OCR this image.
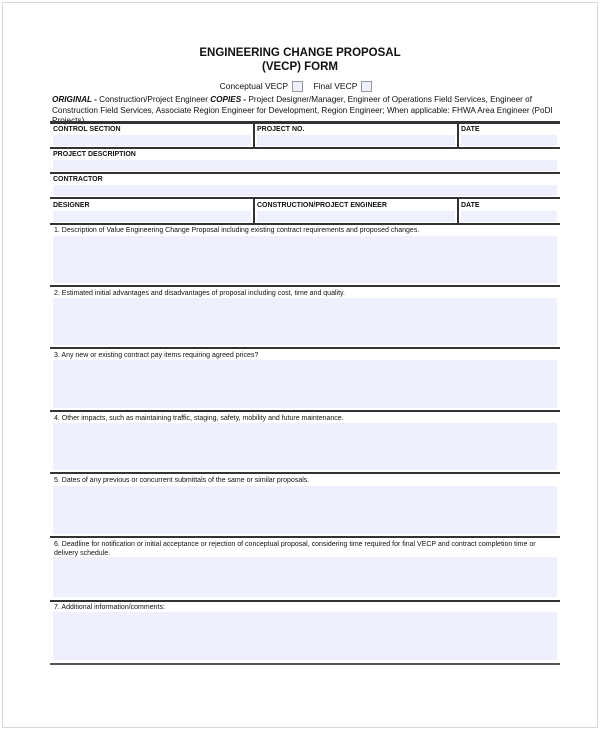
ENGINEERING CHANGE PROPOSAL
(VECP) FORM
Conceptual VECP	Final VECP
ORIGINAL - Construction/Project Engineer COPIES - Project Designer/Manager, Engineer of Operations Field Services, Engineer of Construction Field Services, Associate Region Engineer for Development, Region Engineer; When applicable: FHWA Area Engineer (PoDI
CONTROL SECTION	PROJECT NO.	DATE
PROJECT DESCRIPTION
CONTRACTOR
DESIGNER	CONSTRUCTION/PROJECT ENGINEER	DATE
1. Description of Value Engineering Change Proposal including existing contract requirements and proposed changes.
2. Estimated initial advantages and disadvantages of proposal including cost, time and quality.
3. Any new or existing contract pay items requiring agreed prices?
4. Other impacts, such as maintaining traffic, staging, safety, mobility and future maintenance.
5. Dates of any previous or concurrent submittals of the same or similar proposals.
6. Deadline for notification or initial acceptance or rejection of conceptual proposal, considering time required for final VECP and contract completion time or delivery schedule.
7. Additional information/comments:
